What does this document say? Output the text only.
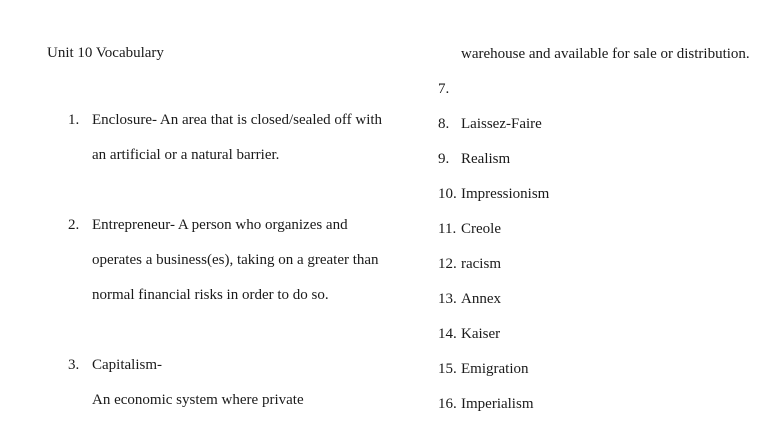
Unit 10 Vocabulary
1. Enclosure- An area that is closed/sealed off with an artificial or a natural barrier.
2. Entrepreneur- A person who organizes and operates a business(es), taking on a greater than normal financial risks in order to do so.
3. Capitalism-
An economic system where private
warehouse and available for sale or distribution.
7.

8. Laissez-Faire
9. Realism
10. Impressionism
11. Creole
12. racism
13. Annex
14. Kaiser
15. Emigration
16. Imperialism
